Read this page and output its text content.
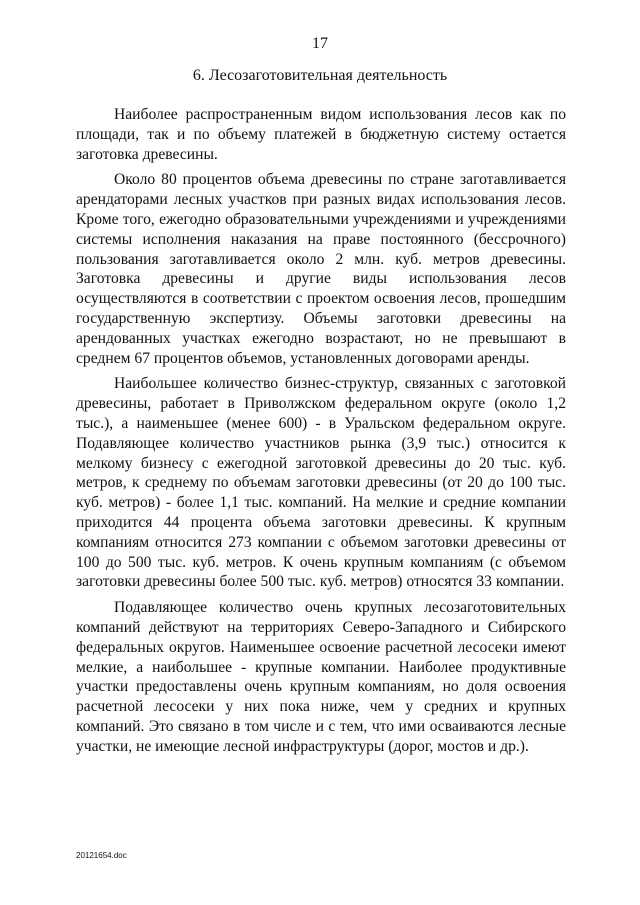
17
6. Лесозаготовительная деятельность

Наиболее распространенным видом использования лесов как по площади, так и по объему платежей в бюджетную систему остается заготовка древесины.

Около 80 процентов объема древесины по стране заготавливается арендаторами лесных участков при разных видах использования лесов. Кроме того, ежегодно образовательными учреждениями и учреждениями системы исполнения наказания на праве постоянного (бессрочного) пользования заготавливается около 2 млн. куб. метров древесины. Заготовка древесины и другие виды использования лесов осуществляются в соответствии с проектом освоения лесов, прошедшим государственную экспертизу. Объемы заготовки древесины на арендованных участках ежегодно возрастают, но не превышают в среднем 67 процентов объемов, установленных договорами аренды.

Наибольшее количество бизнес-структур, связанных с заготовкой древесины, работает в Приволжском федеральном округе (около 1,2 тыс.), а наименьшее (менее 600) - в Уральском федеральном округе. Подавляющее количество участников рынка (3,9 тыс.) относится к мелкому бизнесу с ежегодной заготовкой древесины до 20 тыс. куб. метров, к среднему по объемам заготовки древесины (от 20 до 100 тыс. куб. метров) - более 1,1 тыс. компаний. На мелкие и средние компании приходится 44 процента объема заготовки древесины. К крупным компаниям относится 273 компании с объемом заготовки древесины от 100 до 500 тыс. куб. метров. К очень крупным компаниям (с объемом заготовки древесины более 500 тыс. куб. метров) относятся 33 компании.

Подавляющее количество очень крупных лесозаготовительных компаний действуют на территориях Северо-Западного и Сибирского федеральных округов. Наименьшее освоение расчетной лесосеки имеют мелкие, а наибольшее - крупные компании. Наиболее продуктивные участки предоставлены очень крупным компаниям, но доля освоения расчетной лесосеки у них пока ниже, чем у средних и крупных компаний. Это связано в том числе и с тем, что ими осваиваются лесные участки, не имеющие лесной инфраструктуры (дорог, мостов и др.).

20121654.doc
